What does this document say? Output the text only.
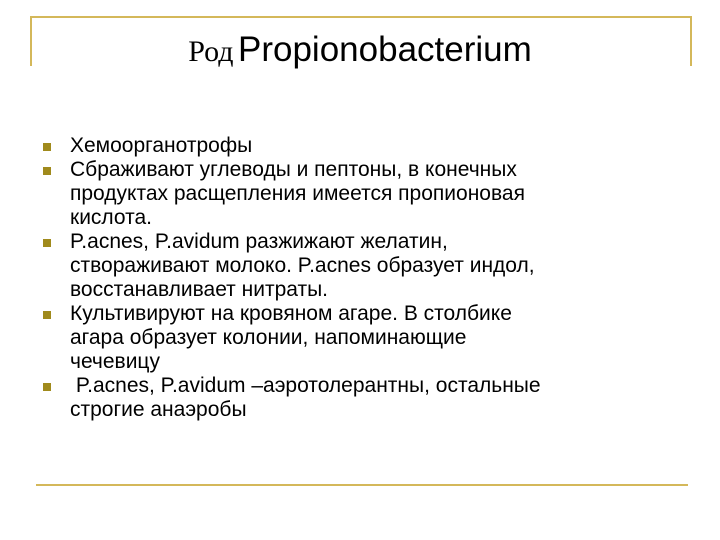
Род Propionobacterium
Хемоорганотрофы
Сбраживают углеводы и пептоны, в конечных
продуктах расщепления имеется пропионовая
кислота.
P.acnes, P.avidum разжижают желатин,
створаживают молоко. P.acnes образует индол,
восстанавливает нитраты.
Культивируют на кровяном агаре. В столбике
агара образует колонии, напоминающие
чечевицу
P.acnes, P.avidum –аэротолерантны, остальные
строгие анаэробы
